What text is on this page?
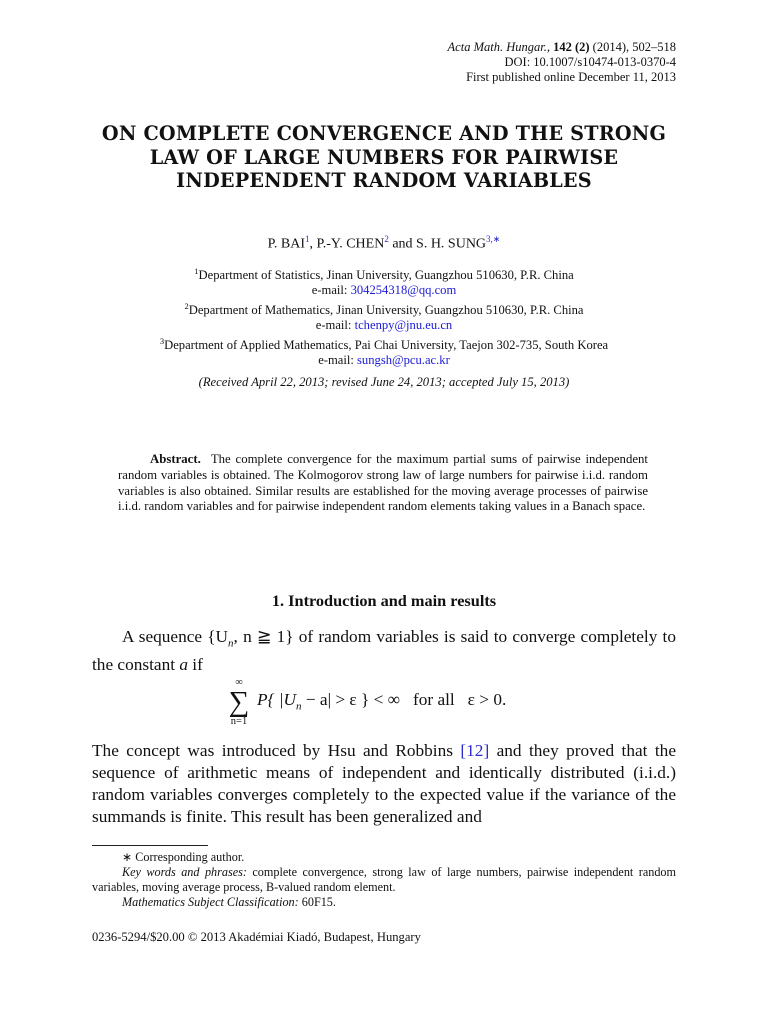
Acta Math. Hungar., 142 (2) (2014), 502–518
DOI: 10.1007/s10474-013-0370-4
First published online December 11, 2013
ON COMPLETE CONVERGENCE AND THE STRONG LAW OF LARGE NUMBERS FOR PAIRWISE INDEPENDENT RANDOM VARIABLES
P. BAI$^1$, P.-Y. CHEN$^2$ and S. H. $SUNG^{3,∗}$
$^1$Department of Statistics, Jinan University, Guangzhou 510630, P.R. China
e-mail: 304254318@qq.com
$^2$Department of Mathematics, Jinan University, Guangzhou 510630, P.R. China
e-mail: tchenpy@jnu.eu.cn
$^3$Department of Applied Mathematics, Pai Chai University, Taejon 302-735, South Korea
e-mail: sungsh@pcu.ac.kr
(Received April 22, 2013; revised June 24, 2013; accepted July 15, 2013)
Abstract. The complete convergence for the maximum partial sums of pairwise independent random variables is obtained. The Kolmogorov strong law of large numbers for pairwise i.i.d. random variables is also obtained. Similar results are established for the moving average processes of pairwise i.i.d. random variables and for pairwise independent random elements taking values in a Banach space.
1. Introduction and main results
A sequence {$U_n$, n ≧ 1} of random variables is said to converge completely to the constant a if
∞
∑
n=1
P{ $|U_n - a| > \varepsilon$ } < ∞   for all   ε > 0.
The concept was introduced by Hsu and Robbins [12] and they proved that the sequence of arithmetic means of independent and identically distributed (i.i.d.) random variables converges completely to the expected value if the variance of the summands is finite. This result has been generalized and
∗ Corresponding author.
Key words and phrases: complete convergence, strong law of large numbers, pairwise independent random variables, moving average process, B-valued random element.
Mathematics Subject Classification: 60F15.
0236-5294/$20.00 © 2013 Akadémiai Kiadó, Budapest, Hungary
